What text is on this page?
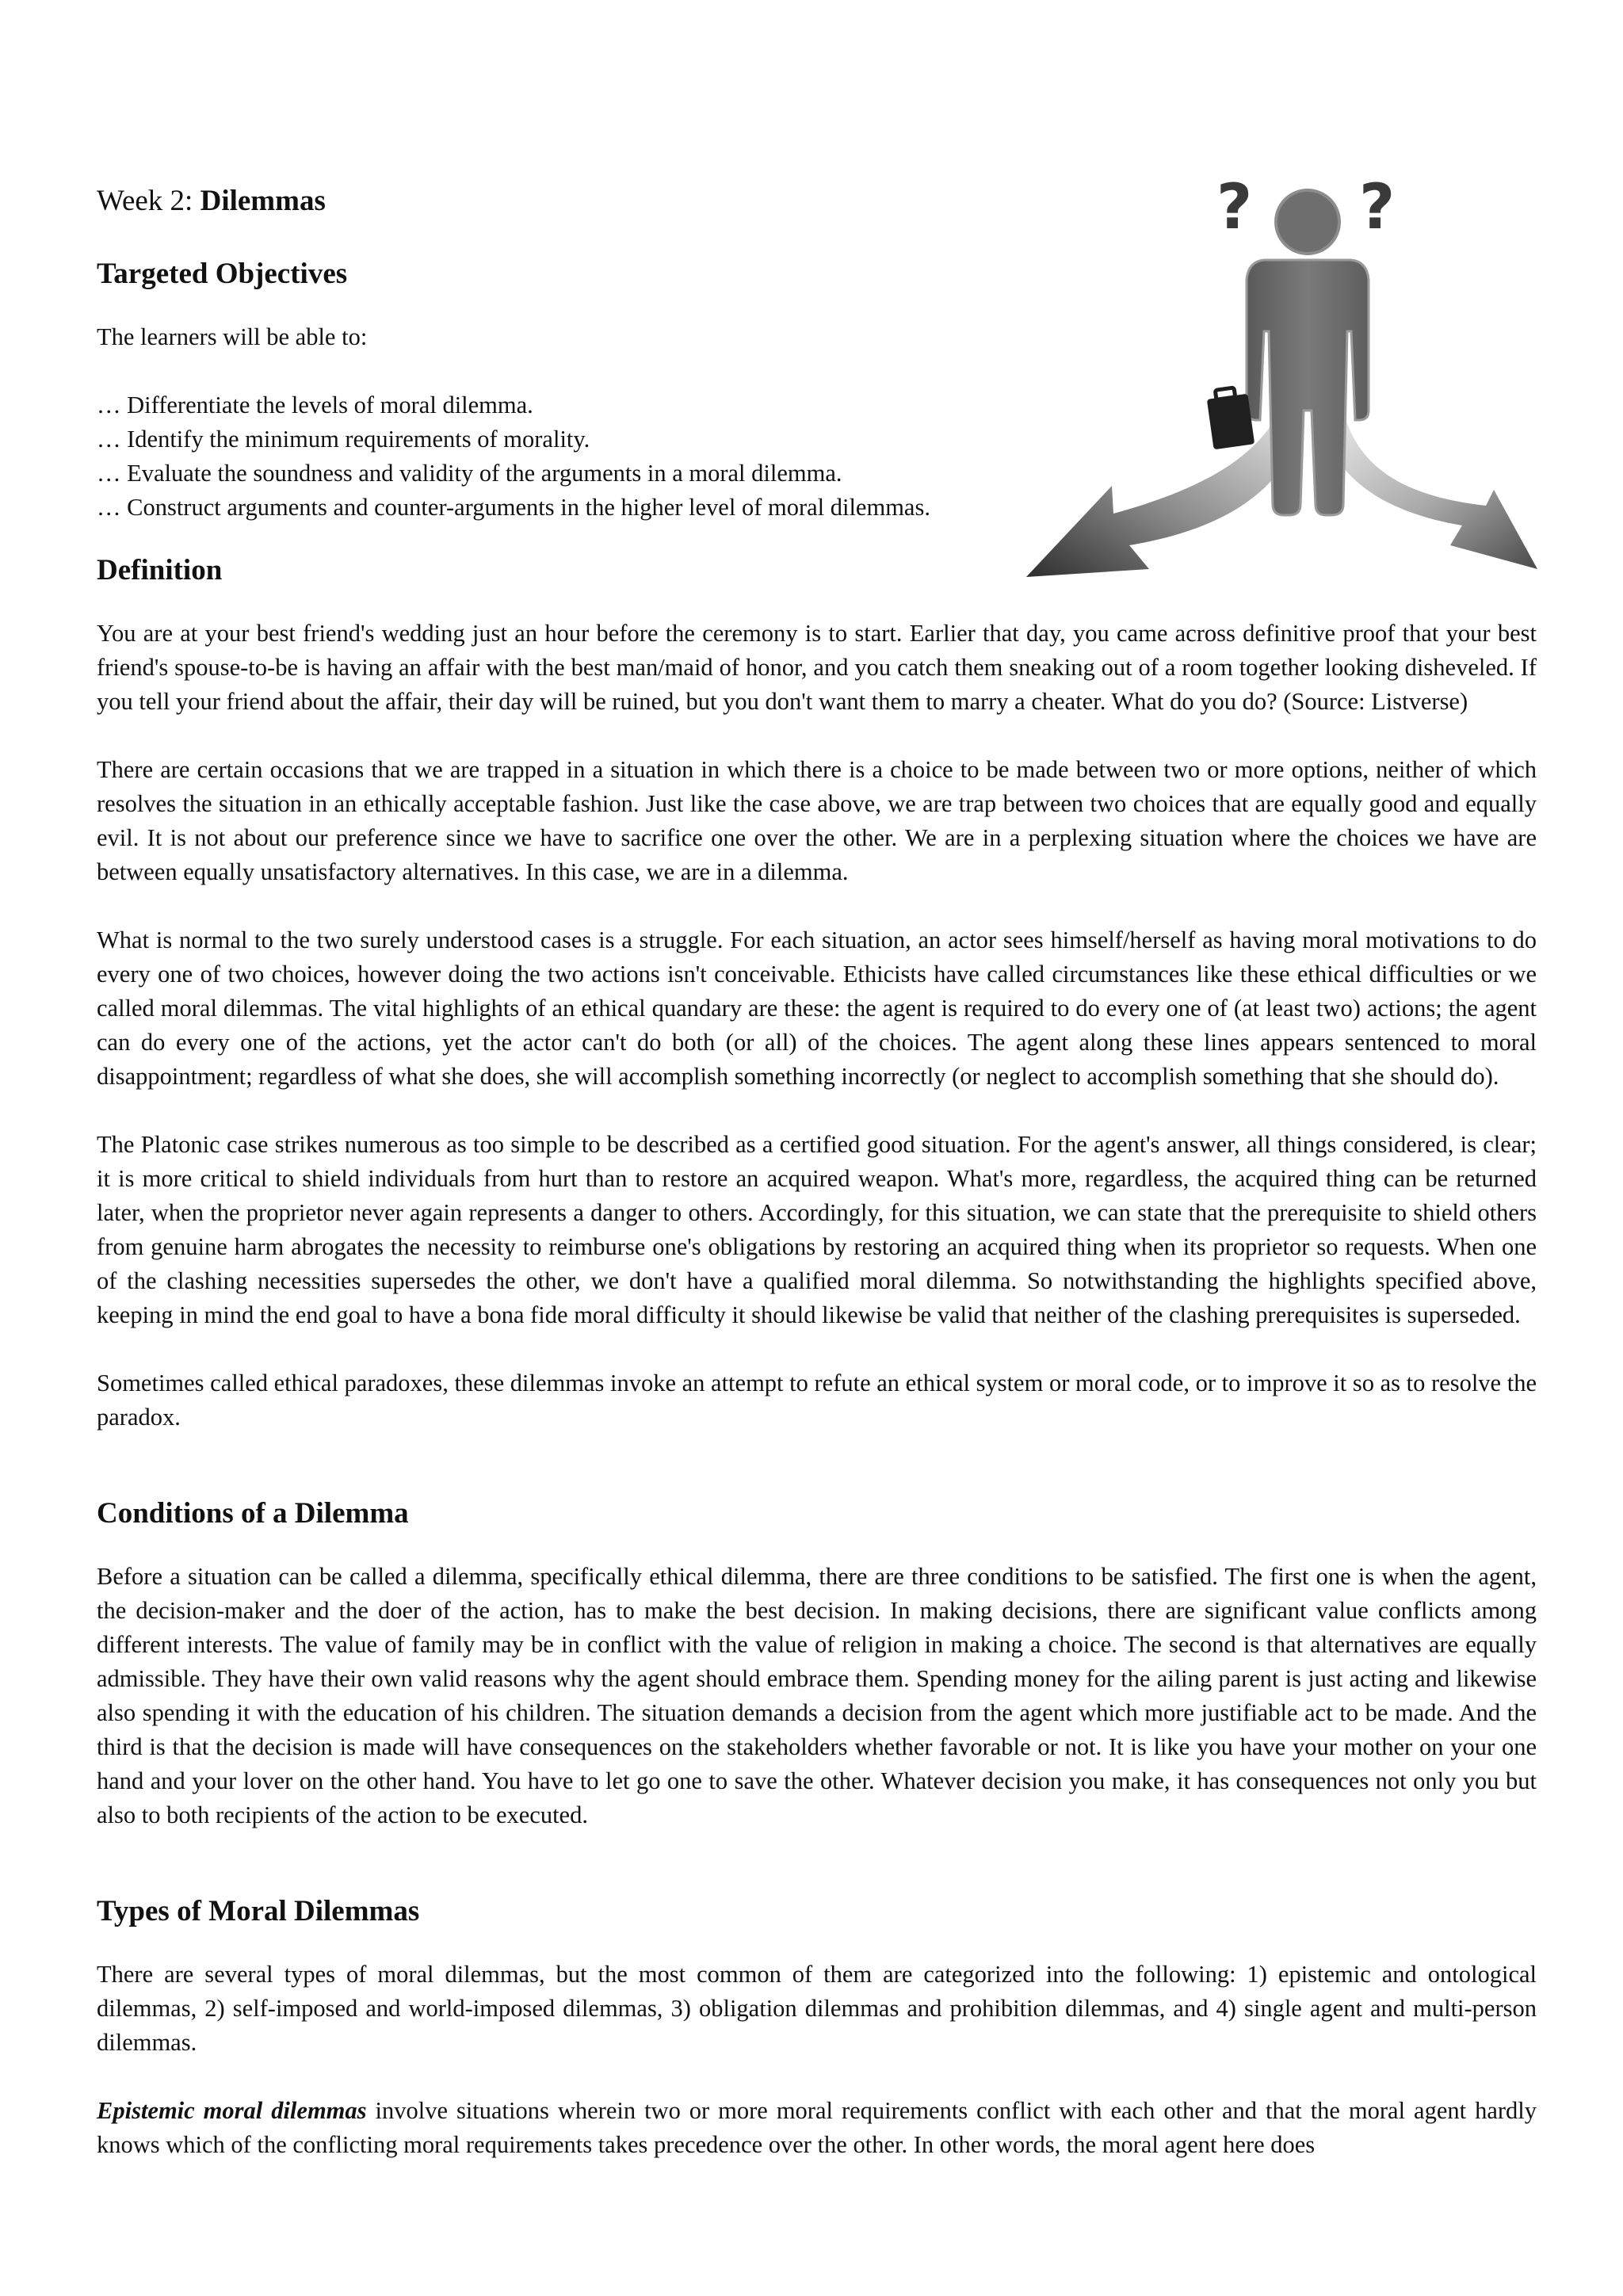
? ?
Week 2: Dilemmas
Targeted Objectives

The learners will be able to:

… Differentiate the levels of moral dilemma.
… Identify the minimum requirements of morality.
… Evaluate the soundness and validity of the arguments in a moral dilemma.
… Construct arguments and counter-arguments in the higher level of moral dilemmas.
Definition

You are at your best friend's wedding just an hour before the ceremony is to start. Earlier that day, you came across definitive proof that your best friend's spouse-to-be is having an affair with the best man/maid of honor, and you catch them sneaking out of a room together looking disheveled. If you tell your friend about the affair, their day will be ruined, but you don't want them to marry a cheater. What do you do? (Source: Listverse)

There are certain occasions that we are trapped in a situation in which there is a choice to be made between two or more options, neither of which resolves the situation in an ethically acceptable fashion. Just like the case above, we are trap between two choices that are equally good and equally evil. It is not about our preference since we have to sacrifice one over the other. We are in a perplexing situation where the choices we have are between equally unsatisfactory alternatives. In this case, we are in a dilemma.

What is normal to the two surely understood cases is a struggle. For each situation, an actor sees himself/herself as having moral motivations to do every one of two choices, however doing the two actions isn't conceivable. Ethicists have called circumstances like these ethical difficulties or we called moral dilemmas. The vital highlights of an ethical quandary are these: the agent is required to do every one of (at least two) actions; the agent can do every one of the actions, yet the actor can't do both (or all) of the choices. The agent along these lines appears sentenced to moral disappointment; regardless of what she does, she will accomplish something incorrectly (or neglect to accomplish something that she should do).

The Platonic case strikes numerous as too simple to be described as a certified good situation. For the agent's answer, all things considered, is clear; it is more critical to shield individuals from hurt than to restore an acquired weapon. What's more, regardless, the acquired thing can be returned later, when the proprietor never again represents a danger to others. Accordingly, for this situation, we can state that the prerequisite to shield others from genuine harm abrogates the necessity to reimburse one's obligations by restoring an acquired thing when its proprietor so requests. When one of the clashing necessities supersedes the other, we don't have a qualified moral dilemma. So notwithstanding the highlights specified above, keeping in mind the end goal to have a bona fide moral difficulty it should likewise be valid that neither of the clashing prerequisites is superseded.

Sometimes called ethical paradoxes, these dilemmas invoke an attempt to refute an ethical system or moral code, or to improve it so as to resolve the paradox.

Conditions of a Dilemma

Before a situation can be called a dilemma, specifically ethical dilemma, there are three conditions to be satisfied. The first one is when the agent, the decision-maker and the doer of the action, has to make the best decision. In making decisions, there are significant value conflicts among different interests. The value of family may be in conflict with the value of religion in making a choice. The second is that alternatives are equally admissible. They have their own valid reasons why the agent should embrace them. Spending money for the ailing parent is just acting and likewise also spending it with the education of his children. The situation demands a decision from the agent which more justifiable act to be made. And the third is that the decision is made will have consequences on the stakeholders whether favorable or not. It is like you have your mother on your one hand and your lover on the other hand. You have to let go one to save the other. Whatever decision you make, it has consequences not only you but also to both recipients of the action to be executed.

Types of Moral Dilemmas

There are several types of moral dilemmas, but the most common of them are categorized into the following: 1) epistemic and ontological dilemmas, 2) self-imposed and world-imposed dilemmas, 3) obligation dilemmas and prohibition dilemmas, and 4) single agent and multi-person dilemmas.

Epistemic moral dilemmas involve situations wherein two or more moral requirements conflict with each other and that the moral agent hardly knows which of the conflicting moral requirements takes precedence over the other. In other words, the moral agent here does
